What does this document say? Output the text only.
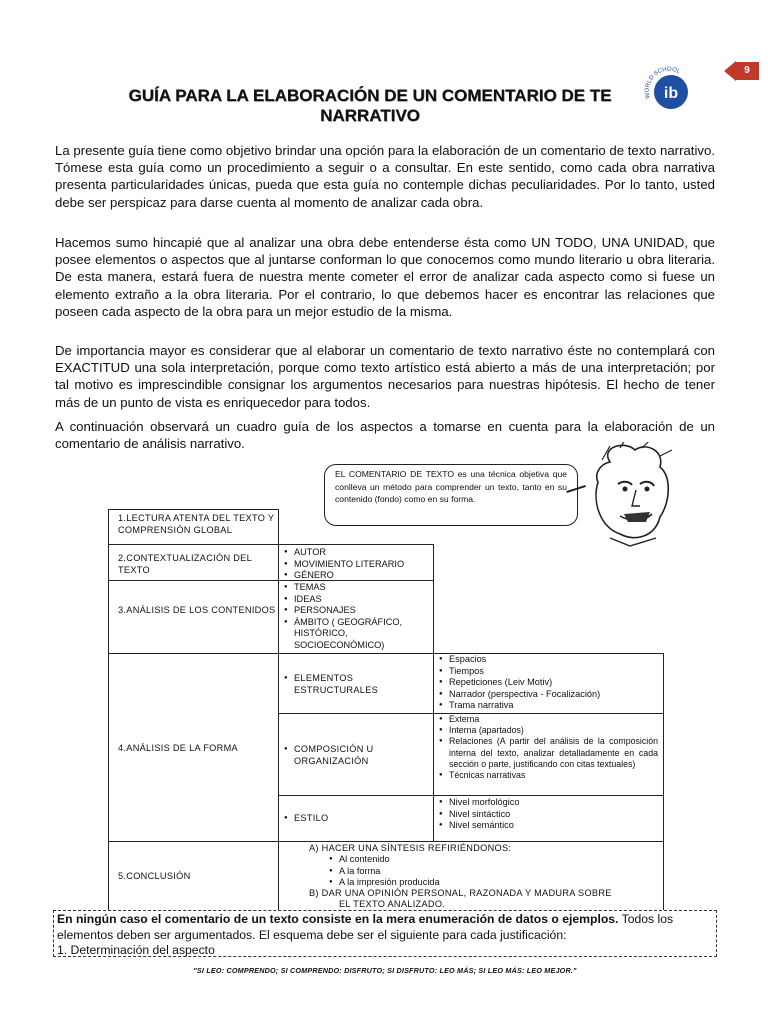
9
WORLD SCHOOL
ib
GUÍA PARA LA ELABORACIÓN DE UN COMENTARIO DE TE
NARRATIVO

La presente guía tiene como objetivo brindar una opción para la elaboración de un comentario de texto narrativo. Tómese esta guía como un procedimiento a seguir o a consultar. En este sentido, como cada obra narrativa presenta particularidades únicas, pueda que esta guía no contemple dichas peculiaridades. Por lo tanto, usted debe ser perspicaz para darse cuenta al momento de analizar cada obra.

Hacemos sumo hincapié que al analizar una obra debe entenderse ésta como UN TODO, UNA UNIDAD, que posee elementos o aspectos que al juntarse conforman lo que conocemos como mundo literario u obra literaria. De esta manera, estará fuera de nuestra mente cometer el error de analizar cada aspecto como si fuese un elemento extraño a la obra literaria. Por el contrario, lo que debemos hacer es encontrar las relaciones que poseen cada aspecto de la obra para un mejor estudio de la misma.

De importancia mayor es considerar que al elaborar un comentario de texto narrativo éste no contemplará con EXACTITUD una sola interpretación, porque como texto artístico está abierto a más de una interpretación; por tal motivo es imprescindible consignar los argumentos necesarios para nuestras hipótesis. El hecho de tener más de un punto de vista es enriquecedor para todos.

A continuación observará un cuadro guía de los aspectos a tomarse en cuenta para la elaboración de un comentario de análisis narrativo.

EL COMENTARIO DE TEXTO es una técnica objetiva que conlleva un método para comprender un texto, tanto en su contenido (fondo) como en su forma.
1.LECTURA ATENTA DEL TEXTO Y COMPRENSIÓN GLOBAL
2.CONTEXTUALIZACIÓN DEL TEXTO
● AUTOR
● MOVIMIENTO LITERARIO
● GÉNERO
3.ANÁLISIS DE LOS CONTENIDOS
● TEMAS
● IDEAS
● PERSONAJES
● ÁMBITO ( GEOGRÁFICO, HISTÓRICO, SOCIOECONÓMICO)
4.ANÁLISIS DE LA FORMA
ELEMENTOS ESTRUCTURALES
●
● Espacios
● Tiempos
● Repeticiones (Leiv Motiv)
● Narrador (perspectiva - Focalización)
● Trama narrativa
COMPOSICIÓN U ORGANIZACIÓN
●
● Externa
● Interna (apartados)
● Relaciones (A partir del análisis de la composición interna del texto, analizar detalladamente en cada sección o parte, justificando con citas textuales)
● Técnicas narrativas
ESTILO
●
● Nivel morfológico
● Nivel sintáctico
● Nivel semántico
5.CONCLUSIÓN
A) HACER UNA SÍNTESIS REFIRIÉNDONOS:
● Al contenido
● A la forma
● A la impresión producida
B) DAR UNA OPINIÓN PERSONAL, RAZONADA Y MADURA SOBRE
EL TEXTO ANALIZADO.
En ningún caso el comentario de un texto consiste en la mera enumeración de datos o ejemplos. Todos los elementos deben ser argumentados. El esquema debe ser el siguiente para cada justificación:
1. Determinación del aspecto
"SI LEO: COMPRENDO; SI COMPRENDO: DISFRUTO; SI DISFRUTO: LEO MÁS; SI LEO MÁS: LEO MEJOR."
